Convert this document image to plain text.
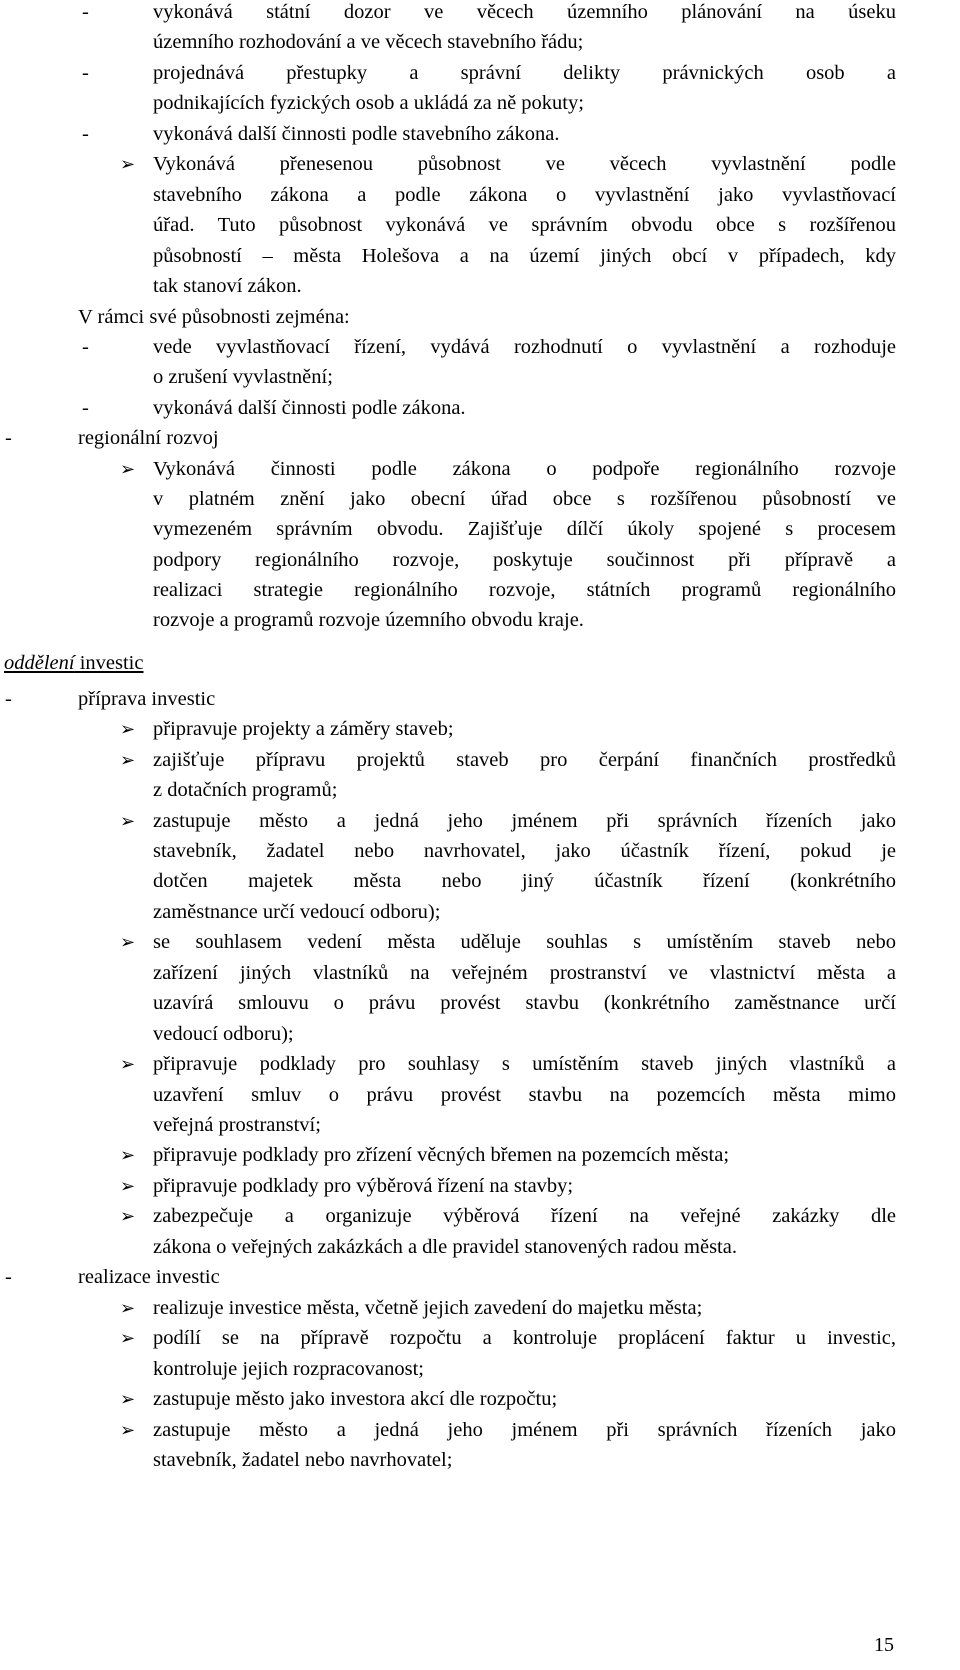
-	vykonává státní dozor ve věcech územního plánování na úseku
územního rozhodování a ve věcech stavebního řádu;
-	projednává přestupky a správní delikty právnických osob a
podnikajících fyzických osob a ukládá za ně pokuty;
-	vykonává další činnosti podle stavebního zákona.
➢ Vykonává přenesenou působnost ve věcech vyvlastnění podle
stavebního zákona a podle zákona o vyvlastnění jako vyvlastňovací
úřad. Tuto působnost vykonává ve správním obvodu obce s rozšířenou
působností – města Holešova a na území jiných obcí v případech, kdy
tak stanoví zákon.
V rámci své působnosti zejména:
-	vede vyvlastňovací řízení, vydává rozhodnutí o vyvlastnění a rozhoduje
o zrušení vyvlastnění;
-	vykonává další činnosti podle zákona.
-	regionální rozvoj
➢ Vykonává činnosti podle zákona o podpoře regionálního rozvoje
v platném znění jako obecní úřad obce s rozšířenou působností ve
vymezeném správním obvodu. Zajišťuje dílčí úkoly spojené s procesem
podpory regionálního rozvoje, poskytuje součinnost při přípravě a
realizaci strategie regionálního rozvoje, státních programů regionálního
rozvoje a programů rozvoje územního obvodu kraje.
-	příprava investic
➢ připravuje projekty a záměry staveb;
➢ zajišťuje přípravu projektů staveb pro čerpání finančních prostředků
z dotačních programů;
➢ zastupuje město a jedná jeho jménem při správních řízeních jako
stavebník, žadatel nebo navrhovatel, jako účastník řízení, pokud je
dotčen majetek města nebo jiný účastník řízení (konkrétního
zaměstnance určí vedoucí odboru);
➢ se souhlasem vedení města uděluje souhlas s umístěním staveb nebo
zařízení jiných vlastníků na veřejném prostranství ve vlastnictví města a
uzavírá smlouvu o právu provést stavbu (konkrétního zaměstnance určí
vedoucí odboru);
➢ připravuje podklady pro souhlasy s umístěním staveb jiných vlastníků a
uzavření smluv o právu provést stavbu na pozemcích města mimo
veřejná prostranství;
➢ připravuje podklady pro zřízení věcných břemen na pozemcích města;
➢ připravuje podklady pro výběrová řízení na stavby;
➢ zabezpečuje a organizuje výběrová řízení na veřejné zakázky dle
zákona o veřejných zakázkách a dle pravidel stanovených radou města.
-	realizace investic
➢ realizuje investice města, včetně jejich zavedení do majetku města;
➢ podílí se na přípravě rozpočtu a kontroluje proplácení faktur u investic,
kontroluje jejich rozpracovanost;
➢ zastupuje město jako investora akcí dle rozpočtu;
➢ zastupuje město a jedná jeho jménem při správních řízeních jako
stavebník, žadatel nebo navrhovatel;
oddělení investic
15
